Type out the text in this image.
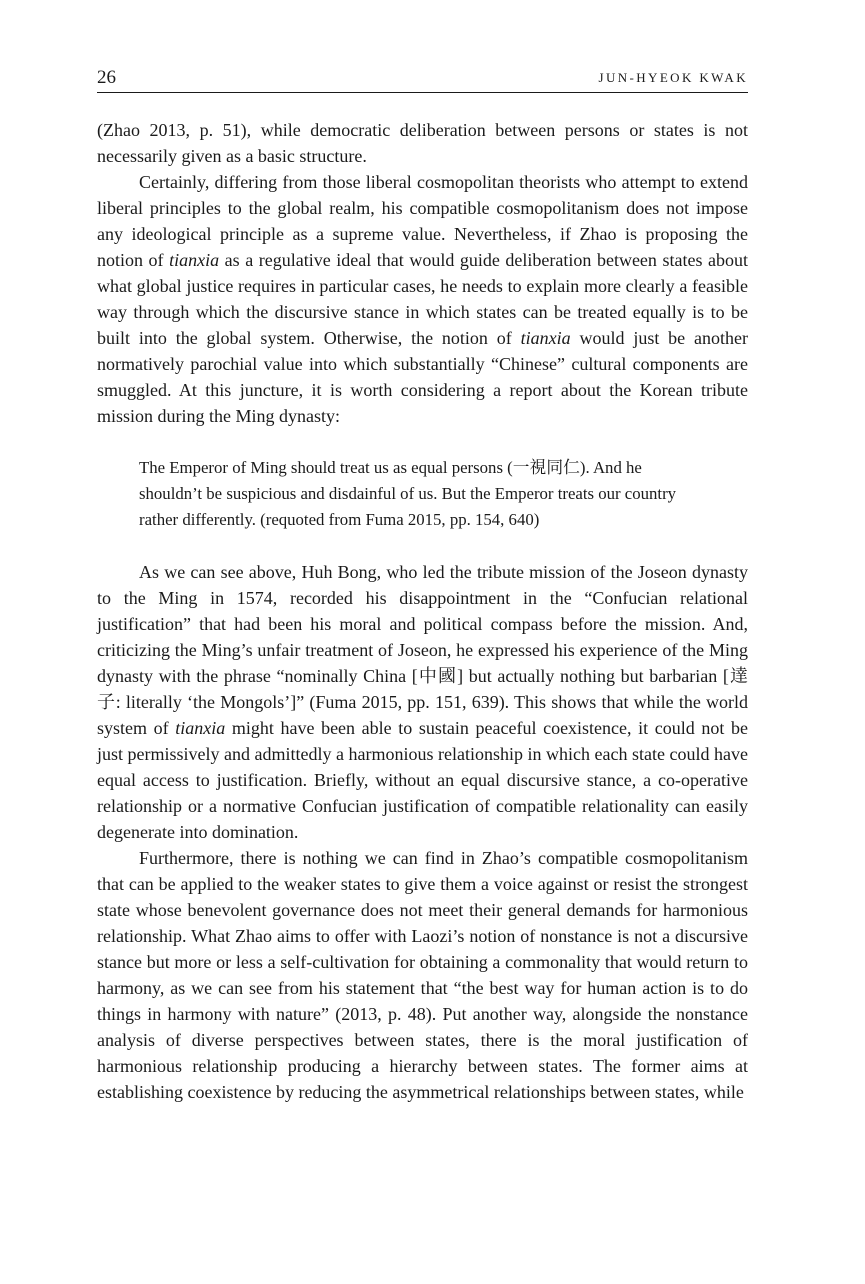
26	JUN-HYEOK KWAK

(Zhao 2013, p. 51), while democratic deliberation between persons or states is not necessarily given as a basic structure.

Certainly, differing from those liberal cosmopolitan theorists who attempt to extend liberal principles to the global realm, his compatible cosmopolitanism does not impose any ideological principle as a supreme value. Nevertheless, if Zhao is proposing the notion of tianxia as a regulative ideal that would guide deliberation between states about what global justice requires in particular cases, he needs to explain more clearly a feasible way through which the discursive stance in which states can be treated equally is to be built into the global system. Otherwise, the notion of tianxia would just be another normatively parochial value into which substantially “Chinese” cultural components are smuggled. At this juncture, it is worth considering a report about the Korean tribute mission during the Ming dynasty:

The Emperor of Ming should treat us as equal persons (一視同仁). And he shouldn’t be suspicious and disdainful of us. But the Emperor treats our country rather differently. (requoted from Fuma 2015, pp. 154, 640)

As we can see above, Huh Bong, who led the tribute mission of the Joseon dynasty to the Ming in 1574, recorded his disappointment in the “Confucian relational justification” that had been his moral and political compass before the mission. And, criticizing the Ming’s unfair treatment of Joseon, he expressed his experience of the Ming dynasty with the phrase “nominally China [中國] but actually nothing but barbarian [達子: literally ‘the Mongols’]” (Fuma 2015, pp. 151, 639). This shows that while the world system of tianxia might have been able to sustain peaceful coexistence, it could not be just permissively and admittedly a harmonious relationship in which each state could have equal access to justification. Briefly, without an equal discursive stance, a co-operative relationship or a normative Confucian justification of compatible relationality can easily degenerate into domination.

Furthermore, there is nothing we can find in Zhao’s compatible cosmopolitanism that can be applied to the weaker states to give them a voice against or resist the strongest state whose benevolent governance does not meet their general demands for harmonious relationship. What Zhao aims to offer with Laozi’s notion of nonstance is not a discursive stance but more or less a self-cultivation for obtaining a commonality that would return to harmony, as we can see from his statement that “the best way for human action is to do things in harmony with nature” (2013, p. 48). Put another way, alongside the nonstance analysis of diverse perspectives between states, there is the moral justification of harmonious relationship producing a hierarchy between states. The former aims at establishing coexistence by reducing the asymmetrical relationships between states, while
